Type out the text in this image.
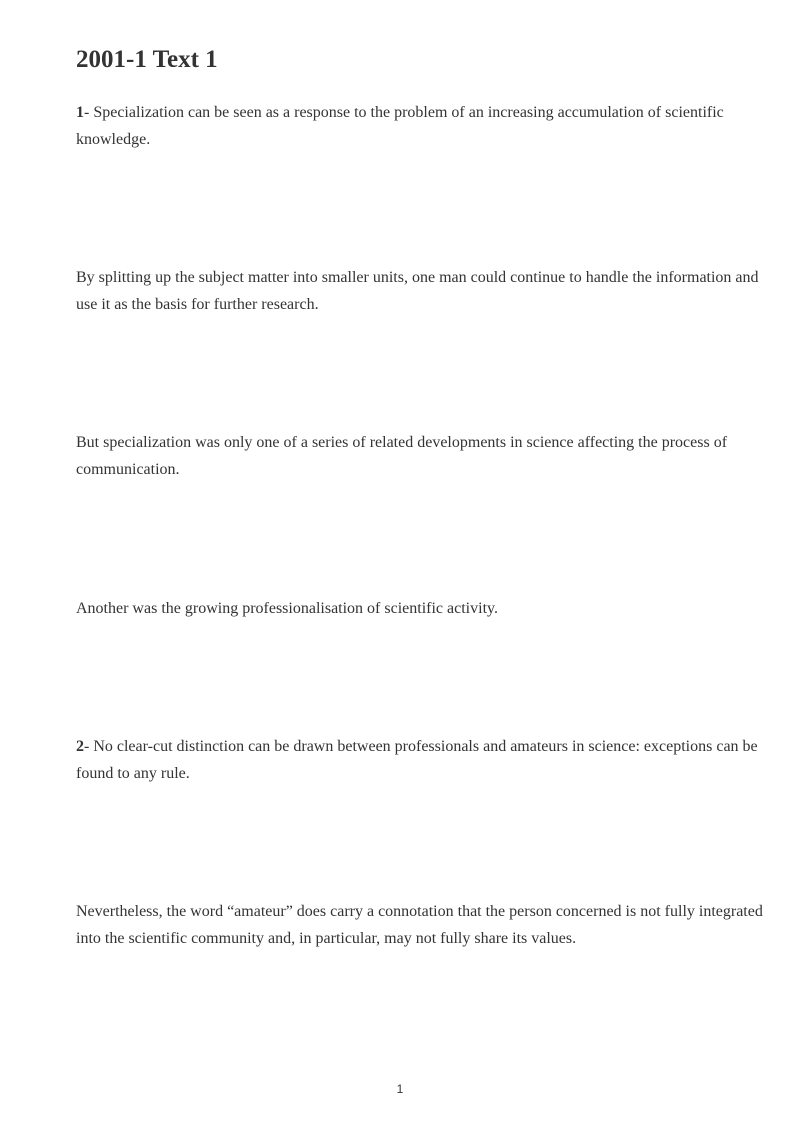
2001-1 Text 1

1- Specialization can be seen as a response to the problem of an increasing accumulation of scientific knowledge.

By splitting up the subject matter into smaller units, one man could continue to handle the information and use it as the basis for further research.

But specialization was only one of a series of related developments in science affecting the process of communication.

Another was the growing professionalisation of scientific activity.

2- No clear-cut distinction can be drawn between professionals and amateurs in science: exceptions can be found to any rule.

Nevertheless, the word “amateur” does carry a connotation that the person concerned is not fully integrated into the scientific community and, in particular, may not fully share its values.

1
